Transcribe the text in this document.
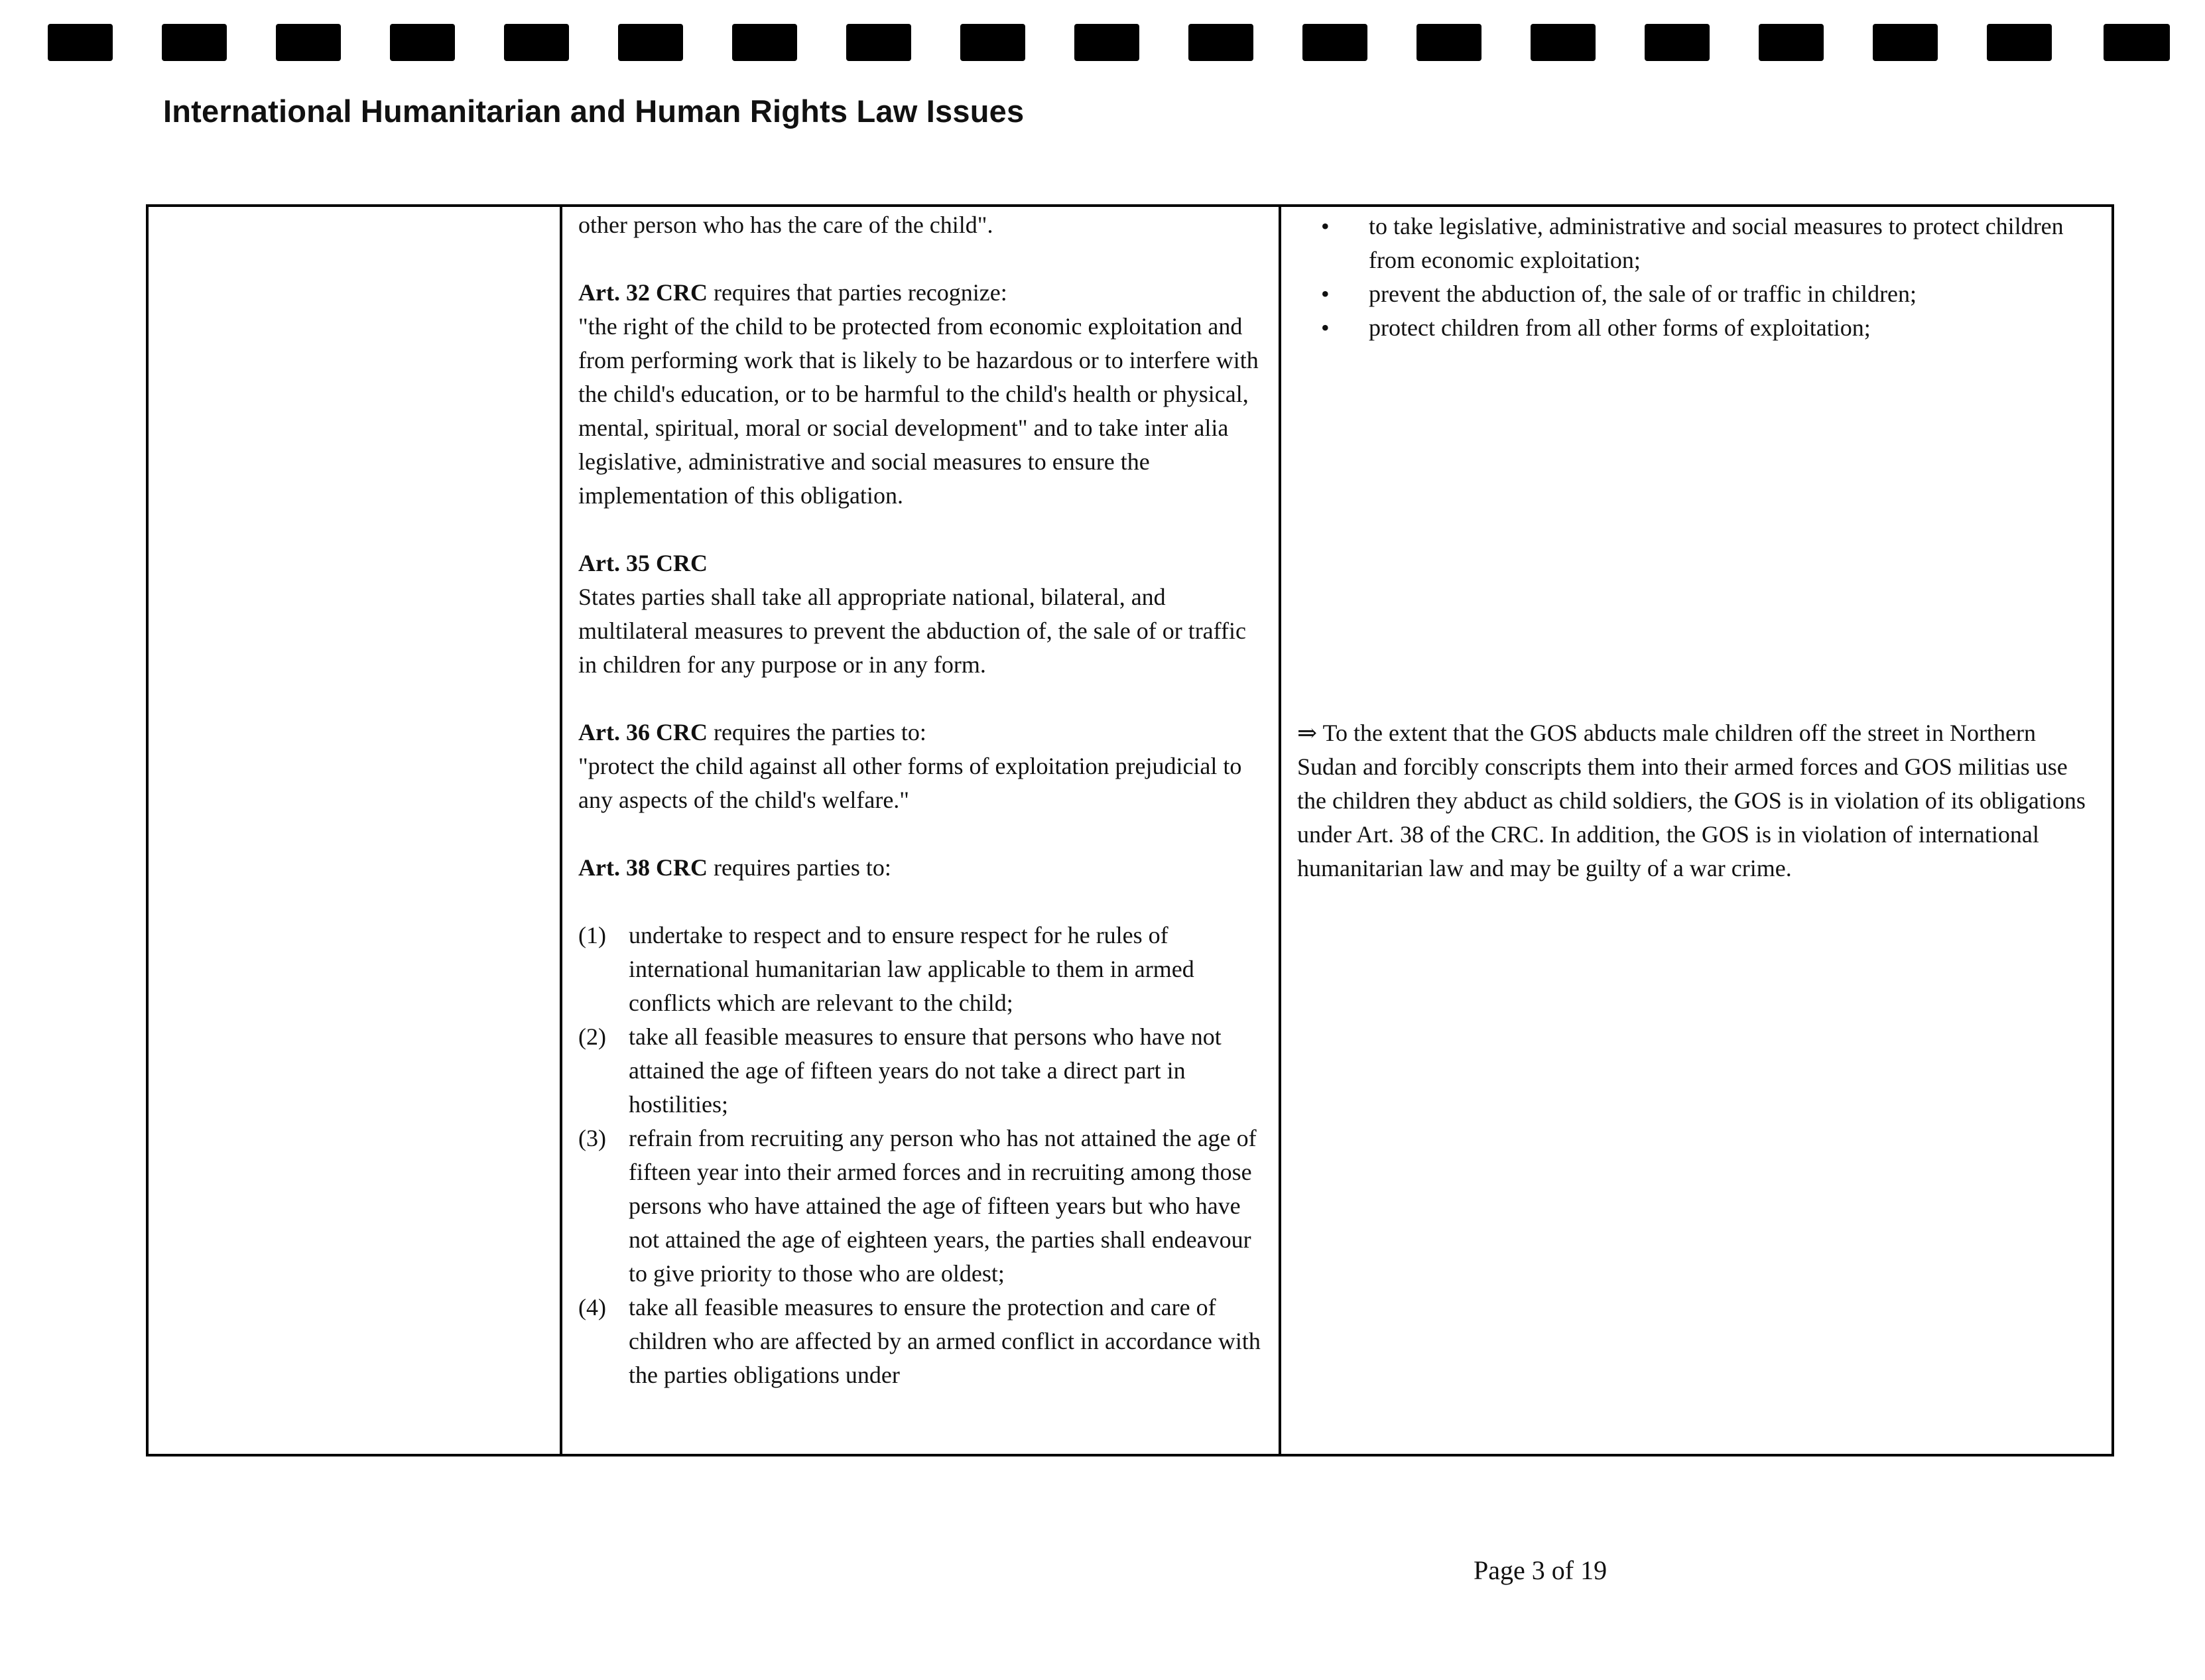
International Humanitarian and Human Rights Law Issues

other person who has the care of the child".

Art. 32 CRC requires that parties recognize:
"the right of the child to be protected from economic exploitation and from performing work that is likely to be hazardous or to interfere with the child's education, or to be harmful to the child's health or physical, mental, spiritual, moral or social development" and to take inter alia legislative, administrative and social measures to ensure the implementation of this obligation.

Art. 35 CRC
States parties shall take all appropriate national, bilateral, and multilateral measures to prevent the abduction of, the sale of or traffic in children for any purpose or in any form.

Art. 36 CRC requires the parties to:
"protect the child against all other forms of exploitation prejudicial to any aspects of the child's welfare."

Art. 38 CRC requires parties to:

(1) undertake to respect and to ensure respect for he rules of international humanitarian law applicable to them in armed conflicts which are relevant to the child;
(2) take all feasible measures to ensure that persons who have not attained the age of fifteen years do not take a direct part in hostilities;
(3) refrain from recruiting any person who has not attained the age of fifteen year into their armed forces and in recruiting among those persons who have attained the age of fifteen years but who have not attained the age of eighteen years, the parties shall endeavour to give priority to those who are oldest;
(4) take all feasible measures to ensure the protection and care of children who are affected by an armed conflict in accordance with the parties obligations under
• to take legislative, administrative and social measures to protect children from economic exploitation;
• prevent the abduction of, the sale of or traffic in children;
• protect children from all other forms of exploitation;

⇒ To the extent that the GOS abducts male children off the street in Northern Sudan and forcibly conscripts them into their armed forces and GOS militias use the children they abduct as child soldiers, the GOS is in violation of its obligations under Art. 38 of the CRC. In addition, the GOS is in violation of international humanitarian law and may be guilty of a war crime.

Page 3 of 19
